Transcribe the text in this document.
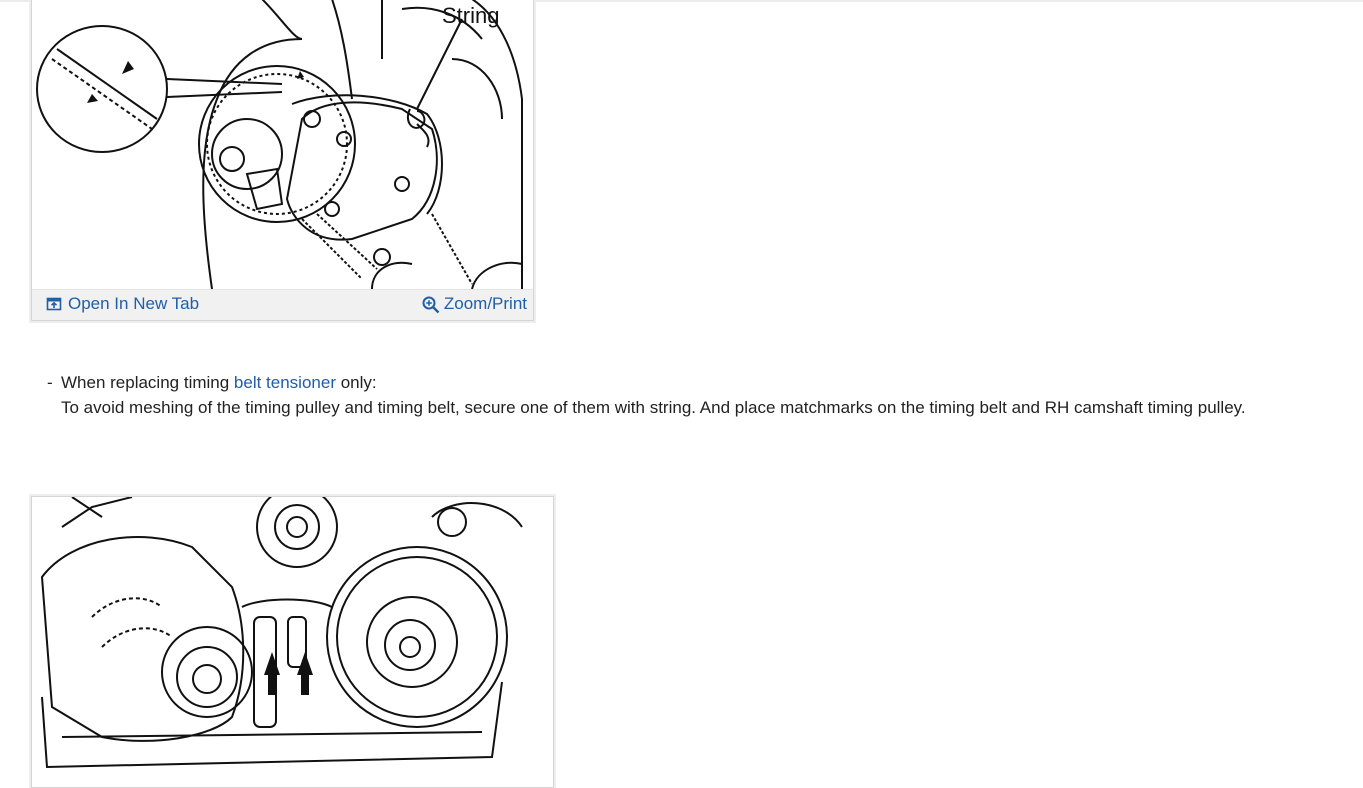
String
Open In New Tab	Zoom/Print
- When replacing timing belt tensioner only:
To avoid meshing of the timing pulley and timing belt, secure one of them with string. And place matchmarks on the timing belt and RH camshaft timing pulley.
